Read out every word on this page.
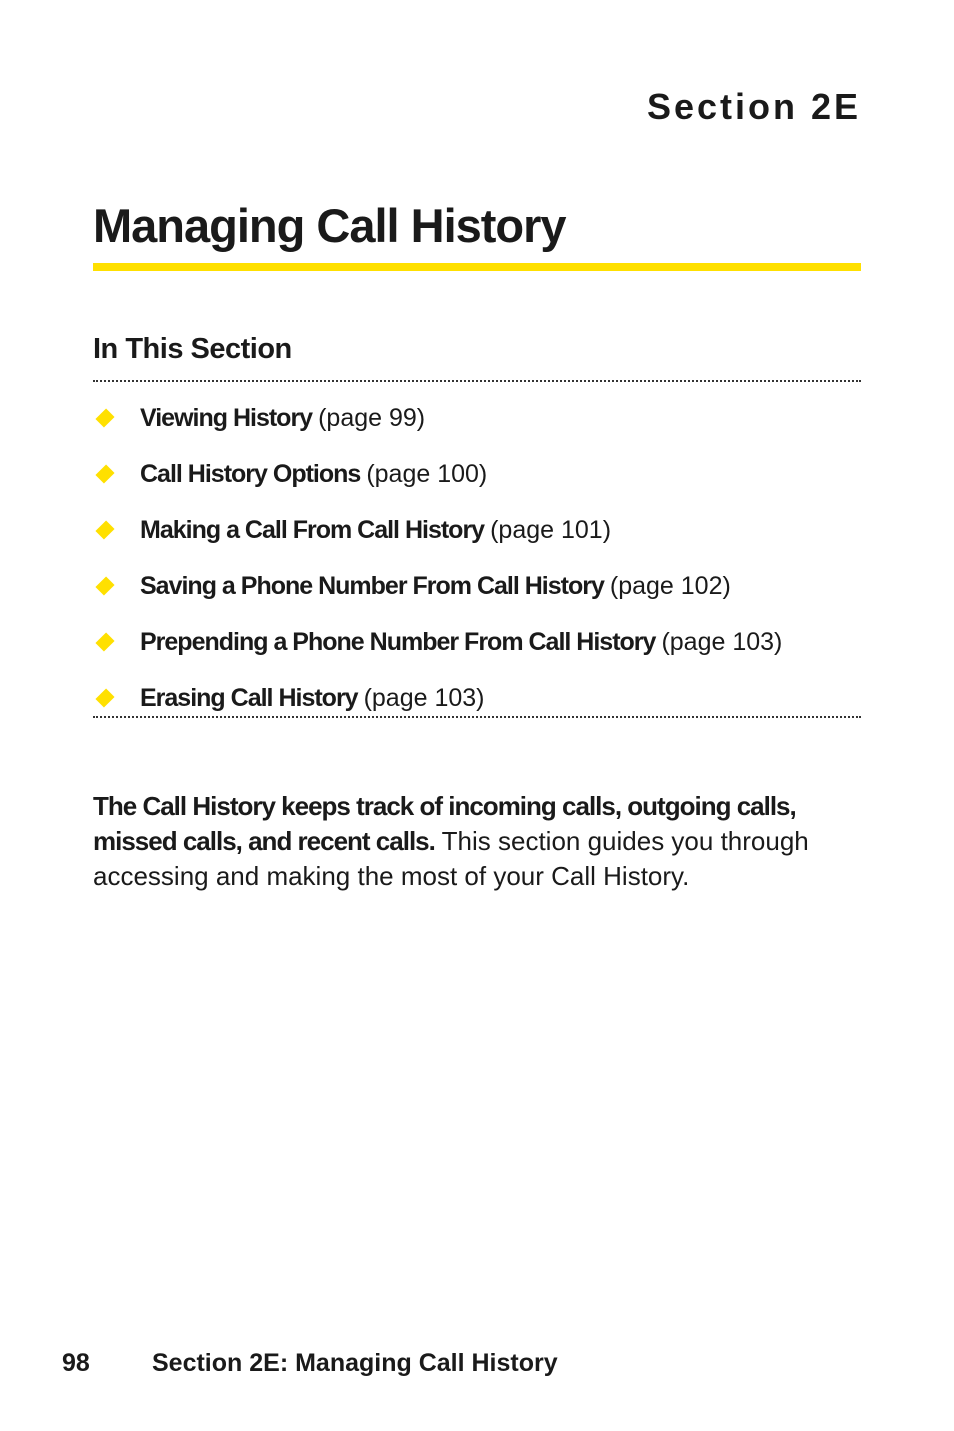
Section 2E
Managing Call History
In This Section
Viewing History (page 99)
Call History Options (page 100)
Making a Call From Call History (page 101)
Saving a Phone Number From Call History (page 102)
Prepending a Phone Number From Call History (page 103)
Erasing Call History (page 103)

The Call History keeps track of incoming calls, outgoing calls, missed calls, and recent calls. This section guides you through accessing and making the most of your Call History.

98 Section 2E: Managing Call History
